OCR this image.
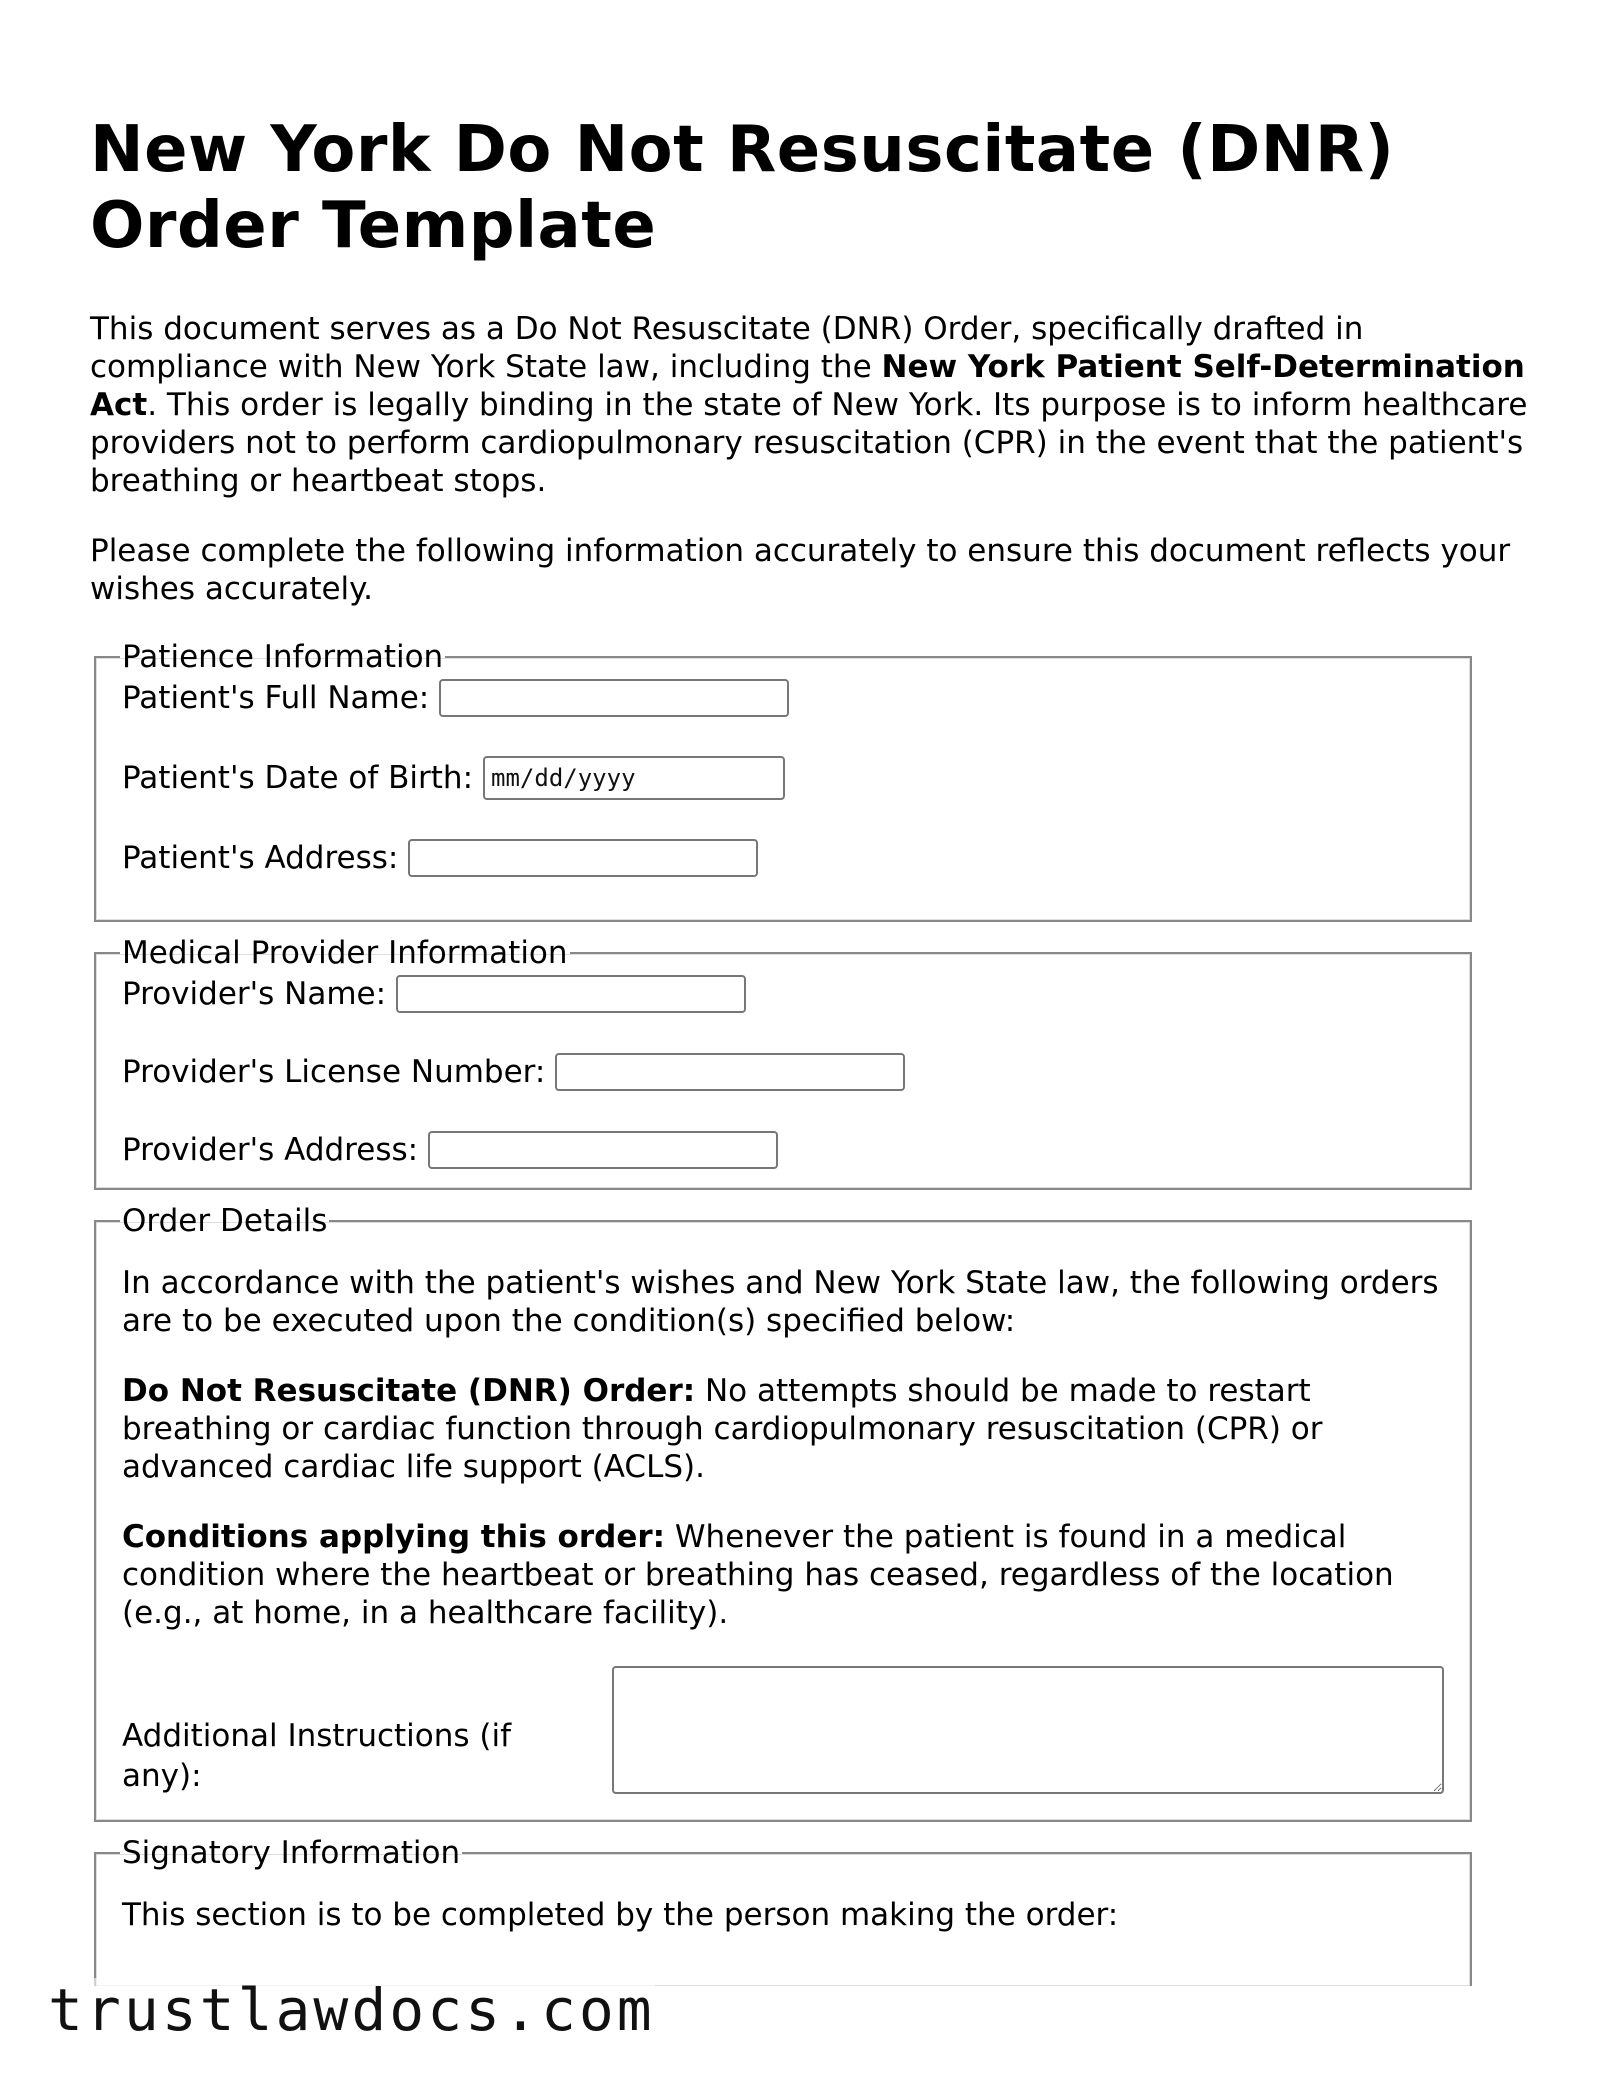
New York Do Not Resuscitate (DNR) Order Template

This document serves as a Do Not Resuscitate (DNR) Order, specifically drafted in compliance with New York State law, including the New York Patient Self-Determination Act. This order is legally binding in the state of New York. Its purpose is to inform healthcare providers not to perform cardiopulmonary resuscitation (CPR) in the event that the patient's breathing or heartbeat stops.

Please complete the following information accurately to ensure this document reflects your wishes accurately.

Patience Information
Patient's Full Name:
Patient's Date of Birth: mm/dd/yyyy
Patient's Address:
Medical Provider Information
Provider's Name:
Provider's License Number:
Provider's Address:
Order Details

In accordance with the patient's wishes and New York State law, the following orders are to be executed upon the condition(s) specified below:

Do Not Resuscitate (DNR) Order: No attempts should be made to restart breathing or cardiac function through cardiopulmonary resuscitation (CPR) or advanced cardiac life support (ACLS).

Conditions applying this order: Whenever the patient is found in a medical condition where the heartbeat or breathing has ceased, regardless of the location (e.g., at home, in a healthcare facility).

Additional Instructions (if any):
Signatory Information

This section is to be completed by the person making the order:

trustlawdocs.com
